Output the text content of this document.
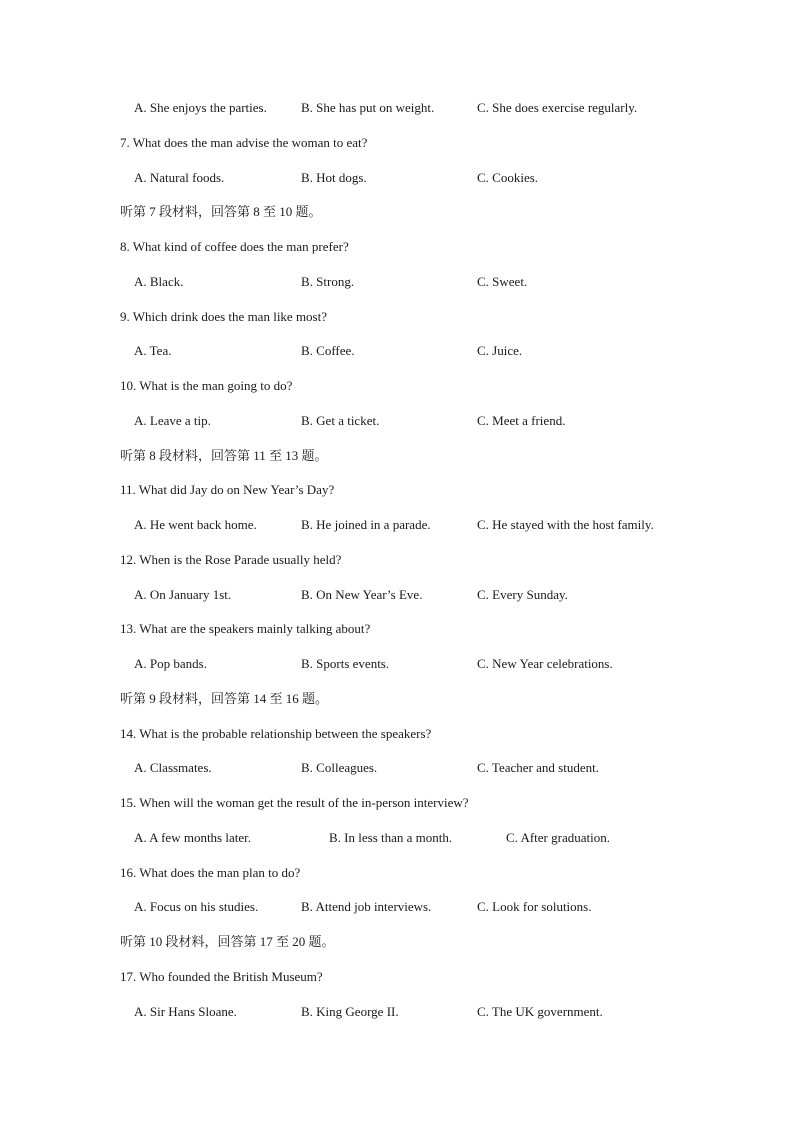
A. She enjoys the parties.	B. She has put on weight.	C. She does exercise regularly.
7. What does the man advise the woman to eat?
A. Natural foods.	B. Hot dogs.	C. Cookies.
听第 7 段材料，回答第 8 至 10 题。
8. What kind of coffee does the man prefer?
A. Black.	B. Strong.	C. Sweet.
9. Which drink does the man like most?
A. Tea.	B. Coffee.	C. Juice.
10. What is the man going to do?
A. Leave a tip.	B. Get a ticket.	C. Meet a friend.
听第 8 段材料，回答第 11 至 13 题。
11. What did Jay do on New Year’s Day?
A. He went back home.	B. He joined in a parade.	C. He stayed with the host family.
12. When is the Rose Parade usually held?
A. On January 1st.	B. On New Year’s Eve.	C. Every Sunday.
13. What are the speakers mainly talking about?
A. Pop bands.	B. Sports events.	C. New Year celebrations.
听第 9 段材料，回答第 14 至 16 题。
14. What is the probable relationship between the speakers?
A. Classmates.	B. Colleagues.	C. Teacher and student.
15. When will the woman get the result of the in-person interview?
A. A few months later.	B. In less than a month.	C. After graduation.
16. What does the man plan to do?
A. Focus on his studies.	B. Attend job interviews.	C. Look for solutions.
听第 10 段材料，回答第 17 至 20 题。
17. Who founded the British Museum?
A. Sir Hans Sloane.	B. King George II.	C. The UK government.
